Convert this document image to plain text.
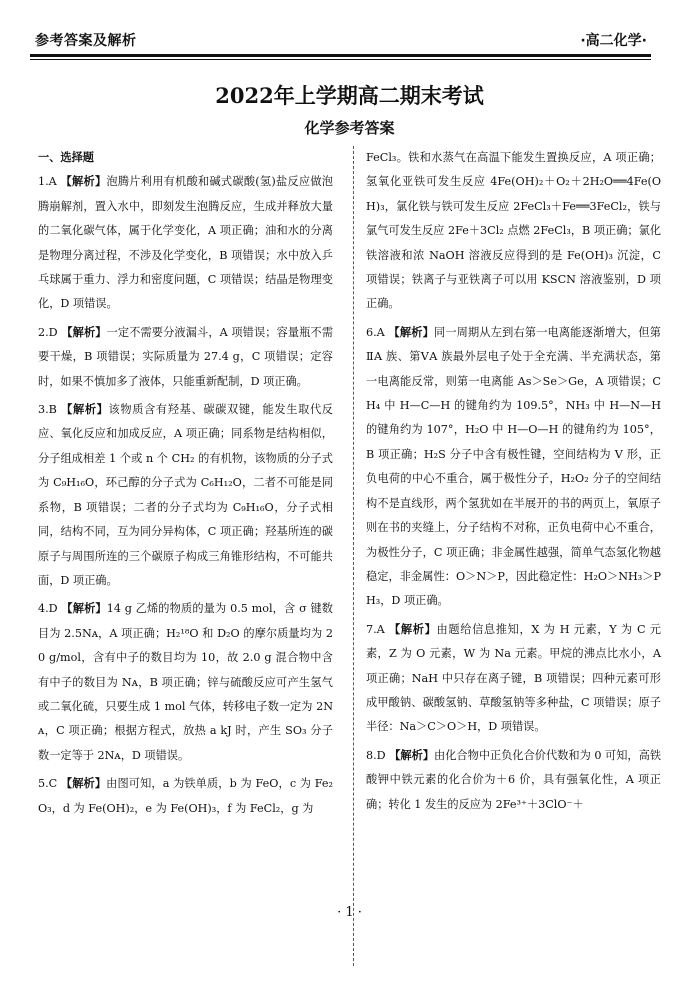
参考答案及解析	·高二化学·
2022年上学期高二期末考试
化学参考答案
一、选择题

1.A 【解析】泡腾片利用有机酸和碱式碳酸(氢)盐反应做泡腾崩解剂，置入水中，即刻发生泡腾反应，生成并释放大量的二氧化碳气体，属于化学变化，A 项正确；油和水的分离是物理分离过程，不涉及化学变化，B 项错误；水中放入乒乓球属于重力、浮力和密度问题，C 项错误；结晶是物理变化，D 项错误。

2.D 【解析】一定不需要分液漏斗，A 项错误；容量瓶不需要干燥，B 项错误；实际质量为 27.4 g，C 项错误；定容时，如果不慎加多了液体，只能重新配制，D 项正确。

3.B 【解析】该物质含有羟基、碳碳双键，能发生取代反应、氧化反应和加成反应，A 项正确；同系物是结构相似，分子组成相差 1 个或 n 个 CH₂ 的有机物，该物质的分子式为 C₉H₁₆O，环己醇的分子式为 C₆H₁₂O，二者不可能是同系物，B 项错误；二者的分子式均为 C₉H₁₆O，分子式相同，结构不同，互为同分异构体，C 项正确；羟基所连的碳原子与周围所连的三个碳原子构成三角锥形结构，不可能共面，D 项正确。

4.D 【解析】14 g 乙烯的物质的量为 0.5 mol，含 σ 键数目为 2.5Nᴀ，A 项正确；H₂¹⁸O 和 D₂O 的摩尔质量均为 20 g/mol，含有中子的数目均为 10，故 2.0 g 混合物中含有中子的数目为 Nᴀ，B 项正确；锌与硫酸反应可产生氢气或二氧化硫，只要生成 1 mol 气体，转移电子数一定为 2Nᴀ，C 项正确；根据方程式，放热 a kJ 时，产生 SO₃ 分子数一定等于 2Nᴀ，D 项错误。

5.C 【解析】由图可知，a 为铁单质，b 为 FeO，c 为 Fe₂O₃，d 为 Fe(OH)₂，e 为 Fe(OH)₃，f 为 FeCl₂，g 为

FeCl₃。铁和水蒸气在高温下能发生置换反应，A 项正确；氢氧化亚铁可发生反应 4Fe(OH)₂＋O₂＋2H₂O══4Fe(OH)₃，氯化铁与铁可发生反应 2FeCl₃＋Fe══3FeCl₂，铁与氯气可发生反应 2Fe＋3Cl₂ 点燃 2FeCl₃，B 项正确；氯化铁溶液和浓 NaOH 溶液反应得到的是 Fe(OH)₃ 沉淀，C 项错误；铁离子与亚铁离子可以用 KSCN 溶液鉴别，D 项正确。

6.A 【解析】同一周期从左到右第一电离能逐渐增大，但第ⅡA 族、第ⅤA 族最外层电子处于全充满、半充满状态，第一电离能反常，则第一电离能 As＞Se＞Ge，A 项错误；CH₄ 中 H—C—H 的键角约为 109.5°，NH₃ 中 H—N—H 的键角约为 107°，H₂O 中 H—O—H 的键角约为 105°，B 项正确；H₂S 分子中含有极性键，空间结构为 V 形，正负电荷的中心不重合，属于极性分子，H₂O₂ 分子的空间结构不是直线形，两个氢犹如在半展开的书的两页上，氧原子则在书的夹缝上，分子结构不对称，正负电荷中心不重合，为极性分子，C 项正确；非金属性越强，简单气态氢化物越稳定，非金属性：O＞N＞P，因此稳定性：H₂O＞NH₃＞PH₃，D 项正确。

7.A 【解析】由题给信息推知，X 为 H 元素，Y 为 C 元素，Z 为 O 元素，W 为 Na 元素。甲烷的沸点比水小，A 项正确；NaH 中只存在离子键，B 项错误；四种元素可形成甲酸钠、碳酸氢钠、草酸氢钠等多种盐，C 项错误；原子半径：Na＞C＞O＞H，D 项错误。

8.D 【解析】由化合物中正负化合价代数和为 0 可知，高铁酸钾中铁元素的化合价为＋6 价，具有强氧化性，A 项正确；转化 1 发生的反应为 2Fe³⁺＋3ClO⁻＋

· 1 ·
